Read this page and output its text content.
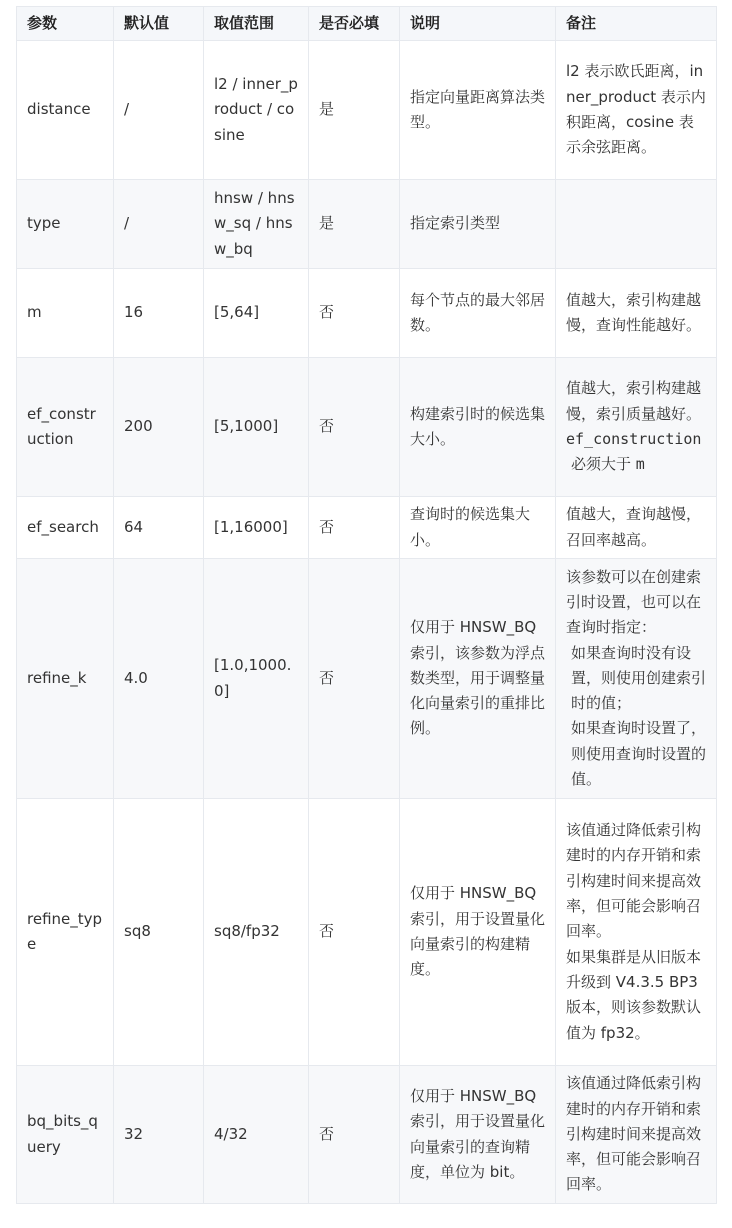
参数	默认值	取值范围	是否必填	说明	备注
distance	/	l2 / inner_product / cosine	是	指定向量距离算法类型。	l2 表示欧氏距离，inner_product 表示内积距离，cosine 表示余弦距离。

type	/	hnsw / hnsw_sq / hnsw_bq	是	指定索引类型	
m	16	[5,64]	否	每个节点的最大邻居数。	值越大，索引构建越慢，查询性能越好。

ef_construction	200	[5,1000]	否	构建索引时的候选集大小。	值越大，索引构建越慢，索引质量越好。ef_construction
必须大于 m

ef_search	64	[1,16000]	否	查询时的候选集大小。	值越大，查询越慢，召回率越高。

refine_k	4.0	[1.0,1000.0]	否	仅用于 HNSW_BQ 索引，该参数为浮点数类型，用于调整量化向量索引的重排比例。	该参数可以在创建索引时设置，也可以在查询时指定：
如果查询时没有设置，则使用创建索引时的值；
如果查询时设置了，则使用查询时设置的值。

refine_type	sq8	sq8/fp32	否	仅用于 HNSW_BQ 索引，用于设置量化向量索引的构建精度。	该值通过降低索引构建时的内存开销和索引构建时间来提高效率，但可能会影响召回率。
如果集群是从旧版本升级到 V4.3.5 BP3 版本，则该参数默认值为 fp32。

bq_bits_query	32	4/32	否	仅用于 HNSW_BQ 索引，用于设置量化向量索引的查询精度，单位为 bit。	该值通过降低索引构建时的内存开销和索引构建时间来提高效率，但可能会影响召回率。
